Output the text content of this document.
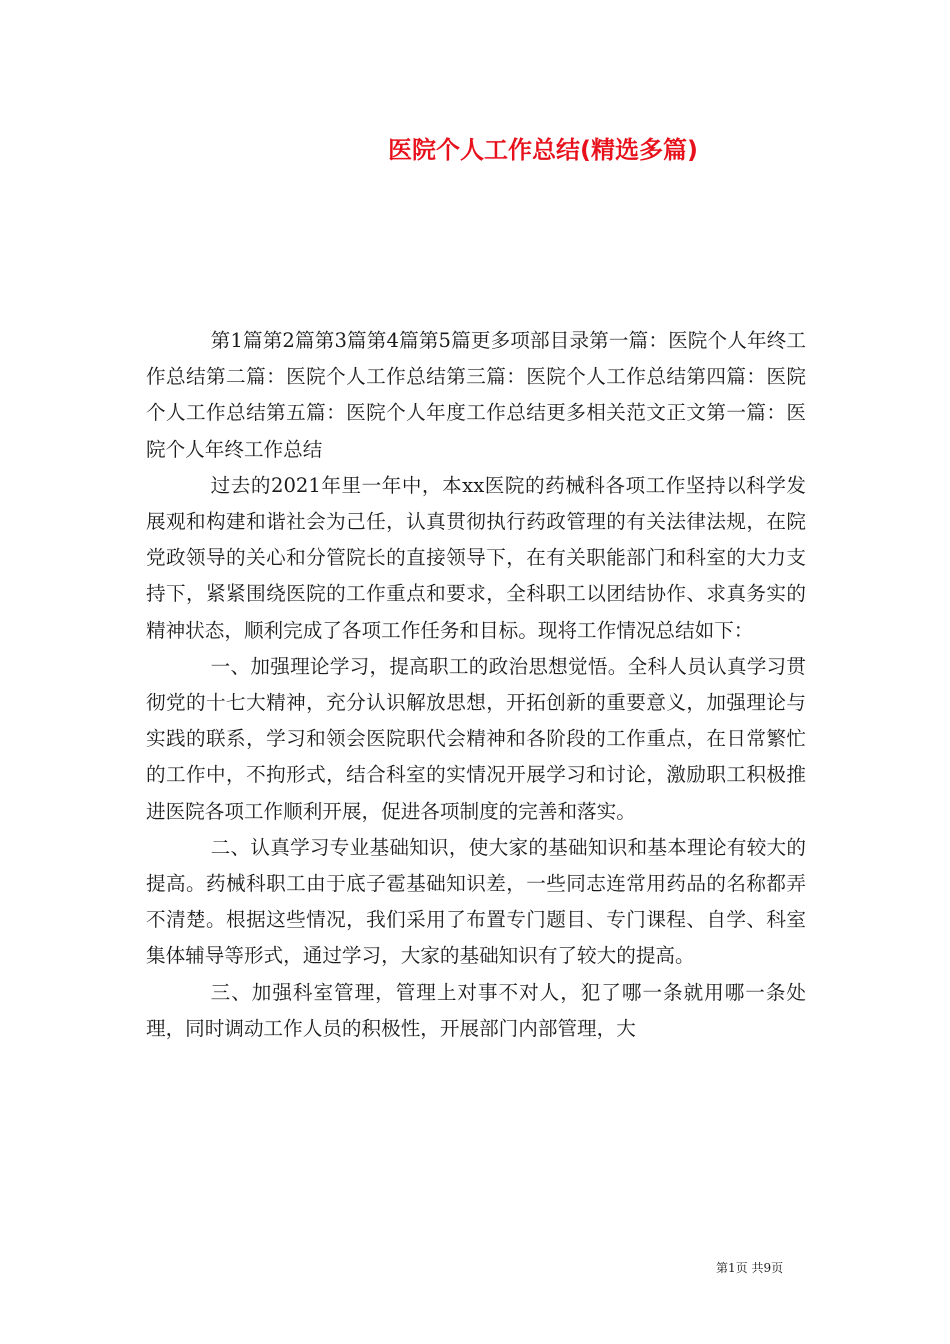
医院个人工作总结(精选多篇)

第1篇第2篇第3篇第4篇第5篇更多项部目录第一篇：医院个人年终工作总结第二篇：医院个人工作总结第三篇：医院个人工作总结第四篇：医院个人工作总结第五篇：医院个人年度工作总结更多相关范文正文第一篇：医院个人年终工作总结

过去的2021年里一年中，本xx医院的药械科各项工作坚持以科学发展观和构建和谐社会为己任，认真贯彻执行药政管理的有关法律法规，在院党政领导的关心和分管院长的直接领导下，在有关职能部门和科室的大力支持下，紧紧围绕医院的工作重点和要求，全科职工以团结协作、求真务实的精神状态，顺利完成了各项工作任务和目标。现将工作情况总结如下：

一、加强理论学习，提高职工的政治思想觉悟。全科人员认真学习贯彻党的十七大精神，充分认识解放思想，开拓创新的重要意义，加强理论与实践的联系，学习和领会医院职代会精神和各阶段的工作重点，在日常繁忙的工作中，不拘形式，结合科室的实情况开展学习和讨论，激励职工积极推进医院各项工作顺利开展，促进各项制度的完善和落实。

二、认真学习专业基础知识，使大家的基础知识和基本理论有较大的提高。药械科职工由于底子雹基础知识差，一些同志连常用药品的名称都弄不清楚。根据这些情况，我们采用了布置专门题目、专门课程、自学、科室集体辅导等形式，通过学习，大家的基础知识有了较大的提高。

三、加强科室管理，管理上对事不对人，犯了哪一条就用哪一条处理，同时调动工作人员的积极性，开展部门内部管理，大

第1页 共9页
